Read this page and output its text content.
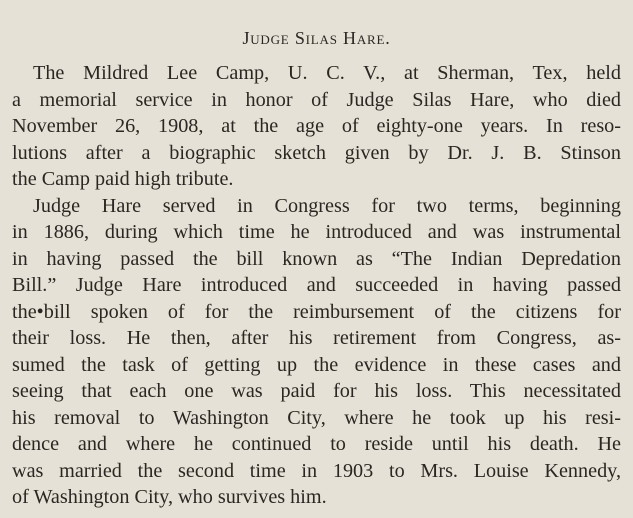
Judge Silas Hare.
The Mildred Lee Camp, U. C. V., at Sherman, Tex, held
a memorial service in honor of Judge Silas Hare, who died
November 26, 1908, at the age of eighty-one years. In reso-
lutions after a biographic sketch given by Dr. J. B. Stinson
the Camp paid high tribute.
Judge Hare served in Congress for two terms, beginning
in 1886, during which time he introduced and was instrumental
in having passed the bill known as “The Indian Depredation
Bill.” Judge Hare introduced and succeeded in having passed
the•bill spoken of for the reimbursement of the citizens for
their loss. He then, after his retirement from Congress, as-
sumed the task of getting up the evidence in these cases and
seeing that each one was paid for his loss. This necessitated
his removal to Washington City, where he took up his resi-
dence and where he continued to reside until his death. He
was married the second time in 1903 to Mrs. Louise Kennedy,
of Washington City, who survives him.
